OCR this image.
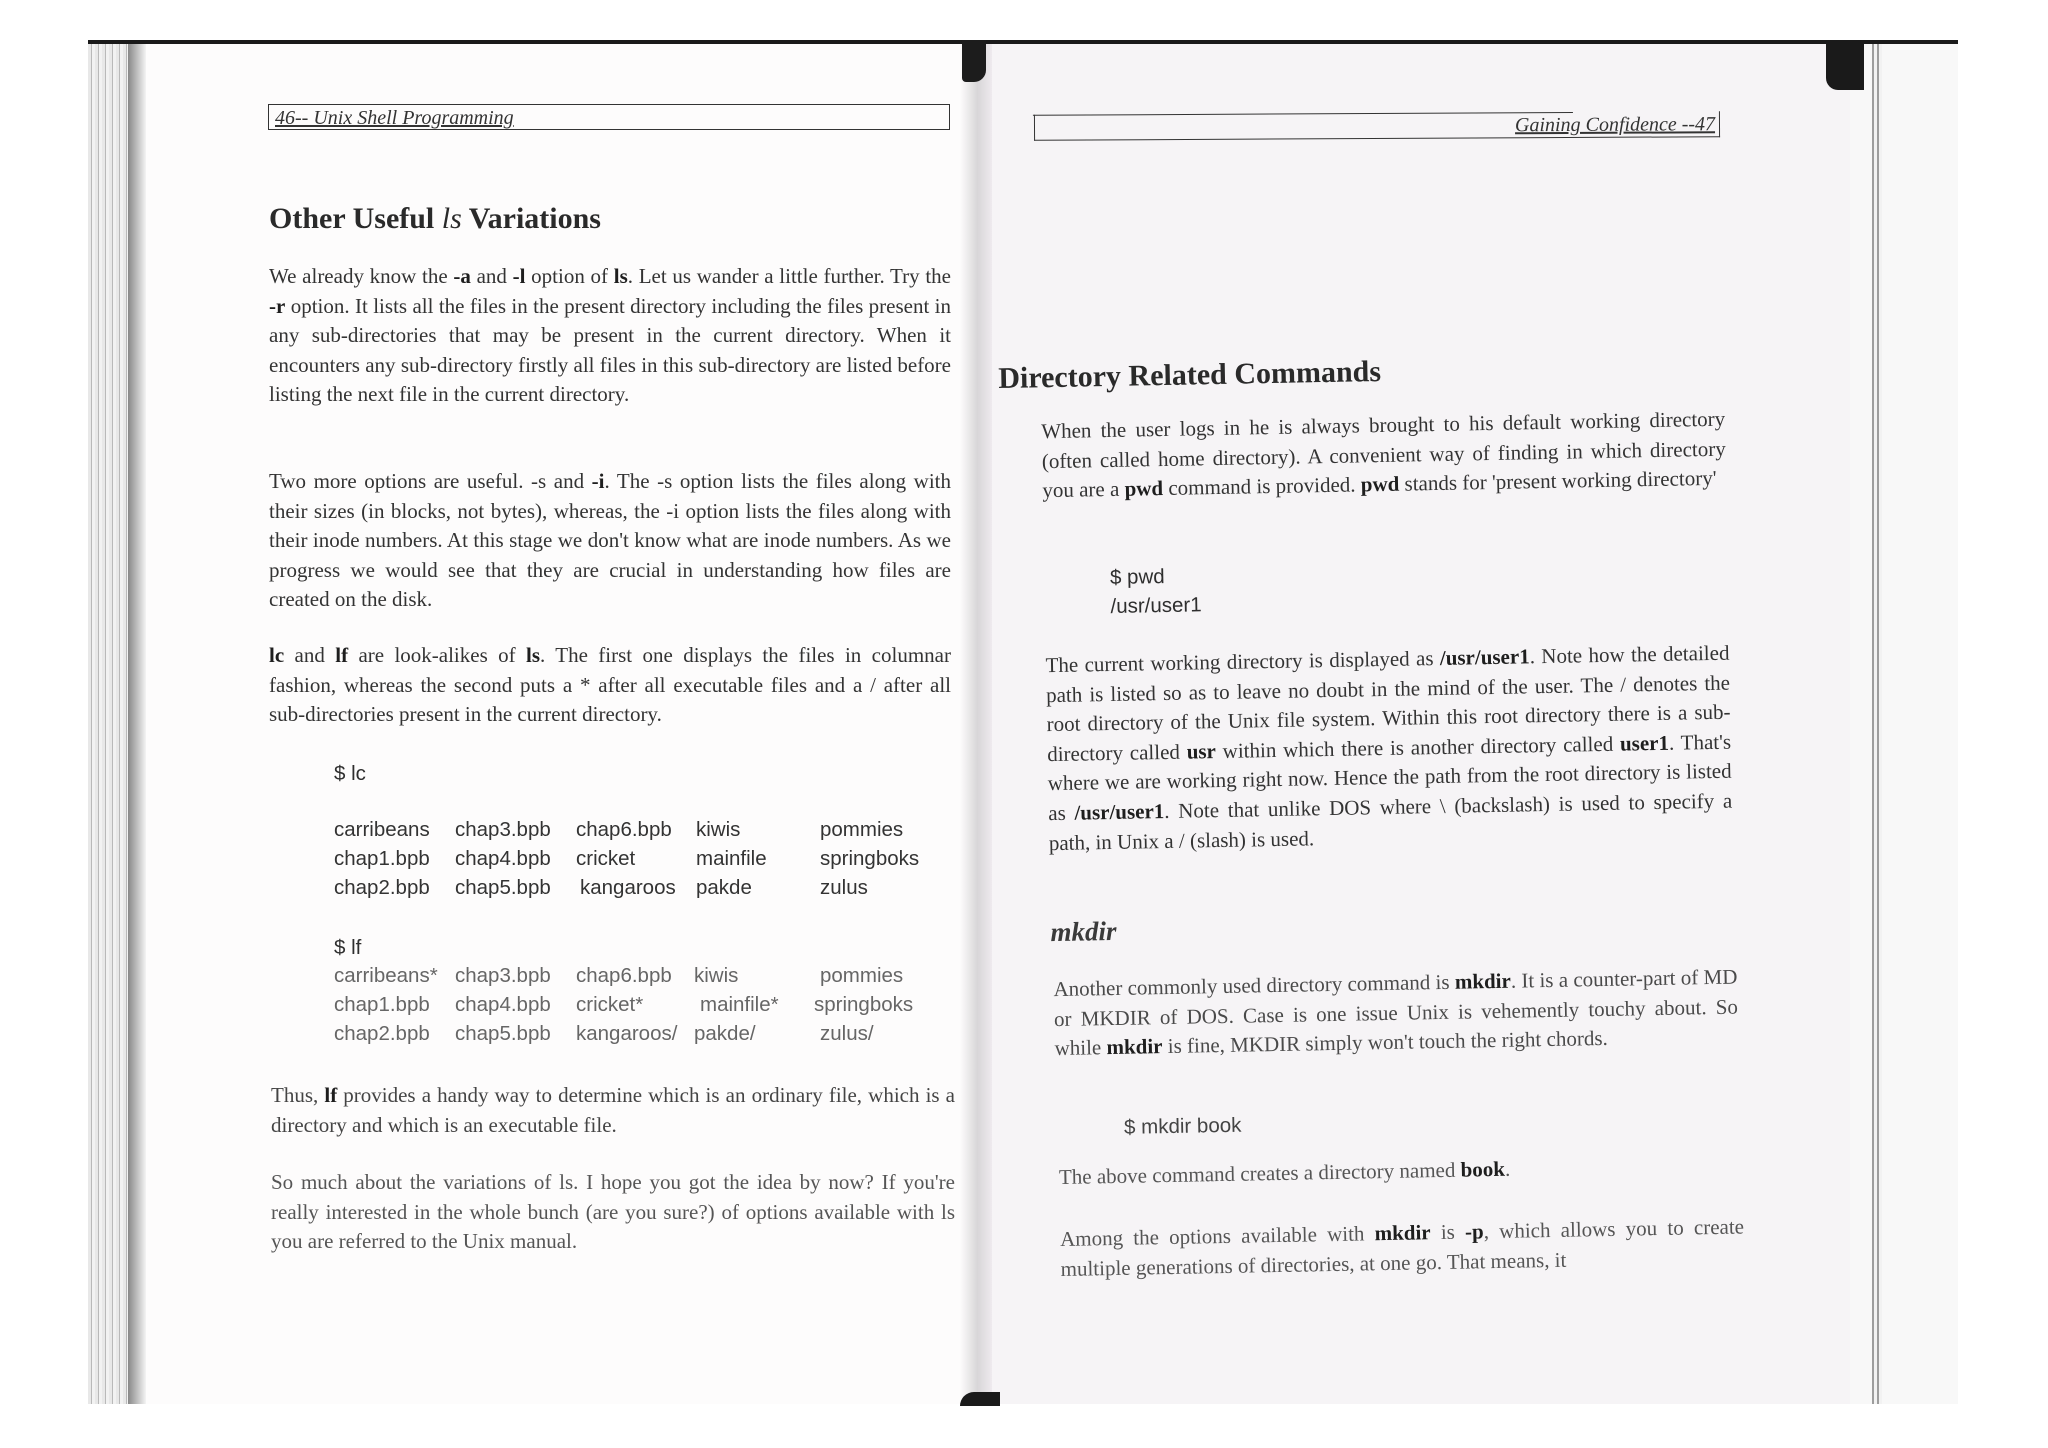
46-- Unix Shell Programming
Other Useful ls Variations
We already know the -a and -l option of ls. Let us wander a little further. Try the -r option. It lists all the files in the present directory including the files present in any sub-directories that may be present in the current directory. When it encounters any sub-directory firstly all files in this sub-directory are listed before listing the next file in the current directory.
Two more options are useful. -s and -i. The -s option lists the files along with their sizes (in blocks, not bytes), whereas, the -i option lists the files along with their inode numbers. At this stage we don't know what are inode numbers. As we progress we would see that they are crucial in understanding how files are created on the disk.
lc and lf are look-alikes of ls. The first one displays the files in columnar fashion, whereas the second puts a * after all executable files and a / after all sub-directories present in the current directory.
$ lc
carribeans chap3.bpb chap6.bpb kiwis	pommies
chap1.bpb chap4.bpb cricket	mainfile	springboks
chap2.bpb chap5.bpb kangaroos pakde	zulus
$ lf
carribeans* chap3.bpb chap6.bpb kiwis	pommies
chap1.bpb chap4.bpb cricket*	mainfile* springboks
chap2.bpb chap5.bpb kangaroos/ pakde/	zulus/
Thus, lf provides a handy way to determine which is an ordinary file, which is a directory and which is an executable file.
So much about the variations of ls. I hope you got the idea by now? If you're really interested in the whole bunch (are you sure?) of options available with ls you are referred to the Unix manual.
Gaining Confidence --47
Directory Related Commands
When the user logs in he is always brought to his default working directory (often called home directory). A convenient way of finding in which directory you are a pwd command is provided. pwd stands for 'present working directory'
$ pwd
/usr/user1
The current working directory is displayed as /usr/user1. Note how the detailed path is listed so as to leave no doubt in the mind of the user. The / denotes the root directory of the Unix file system. Within this root directory there is a sub-directory called usr within which there is another directory called user1. That's where we are working right now. Hence the path from the root directory is listed as /usr/user1. Note that unlike DOS where \ (backslash) is used to specify a path, in Unix a / (slash) is used.
mkdir
Another commonly used directory command is mkdir. It is a counter-part of MD or MKDIR of DOS. Case is one issue Unix is vehemently touchy about. So while mkdir is fine, MKDIR simply won't touch the right chords.
$ mkdir book
The above command creates a directory named book.
Among the options available with mkdir is -p, which allows you to create multiple generations of directories, at one go. That means, it
